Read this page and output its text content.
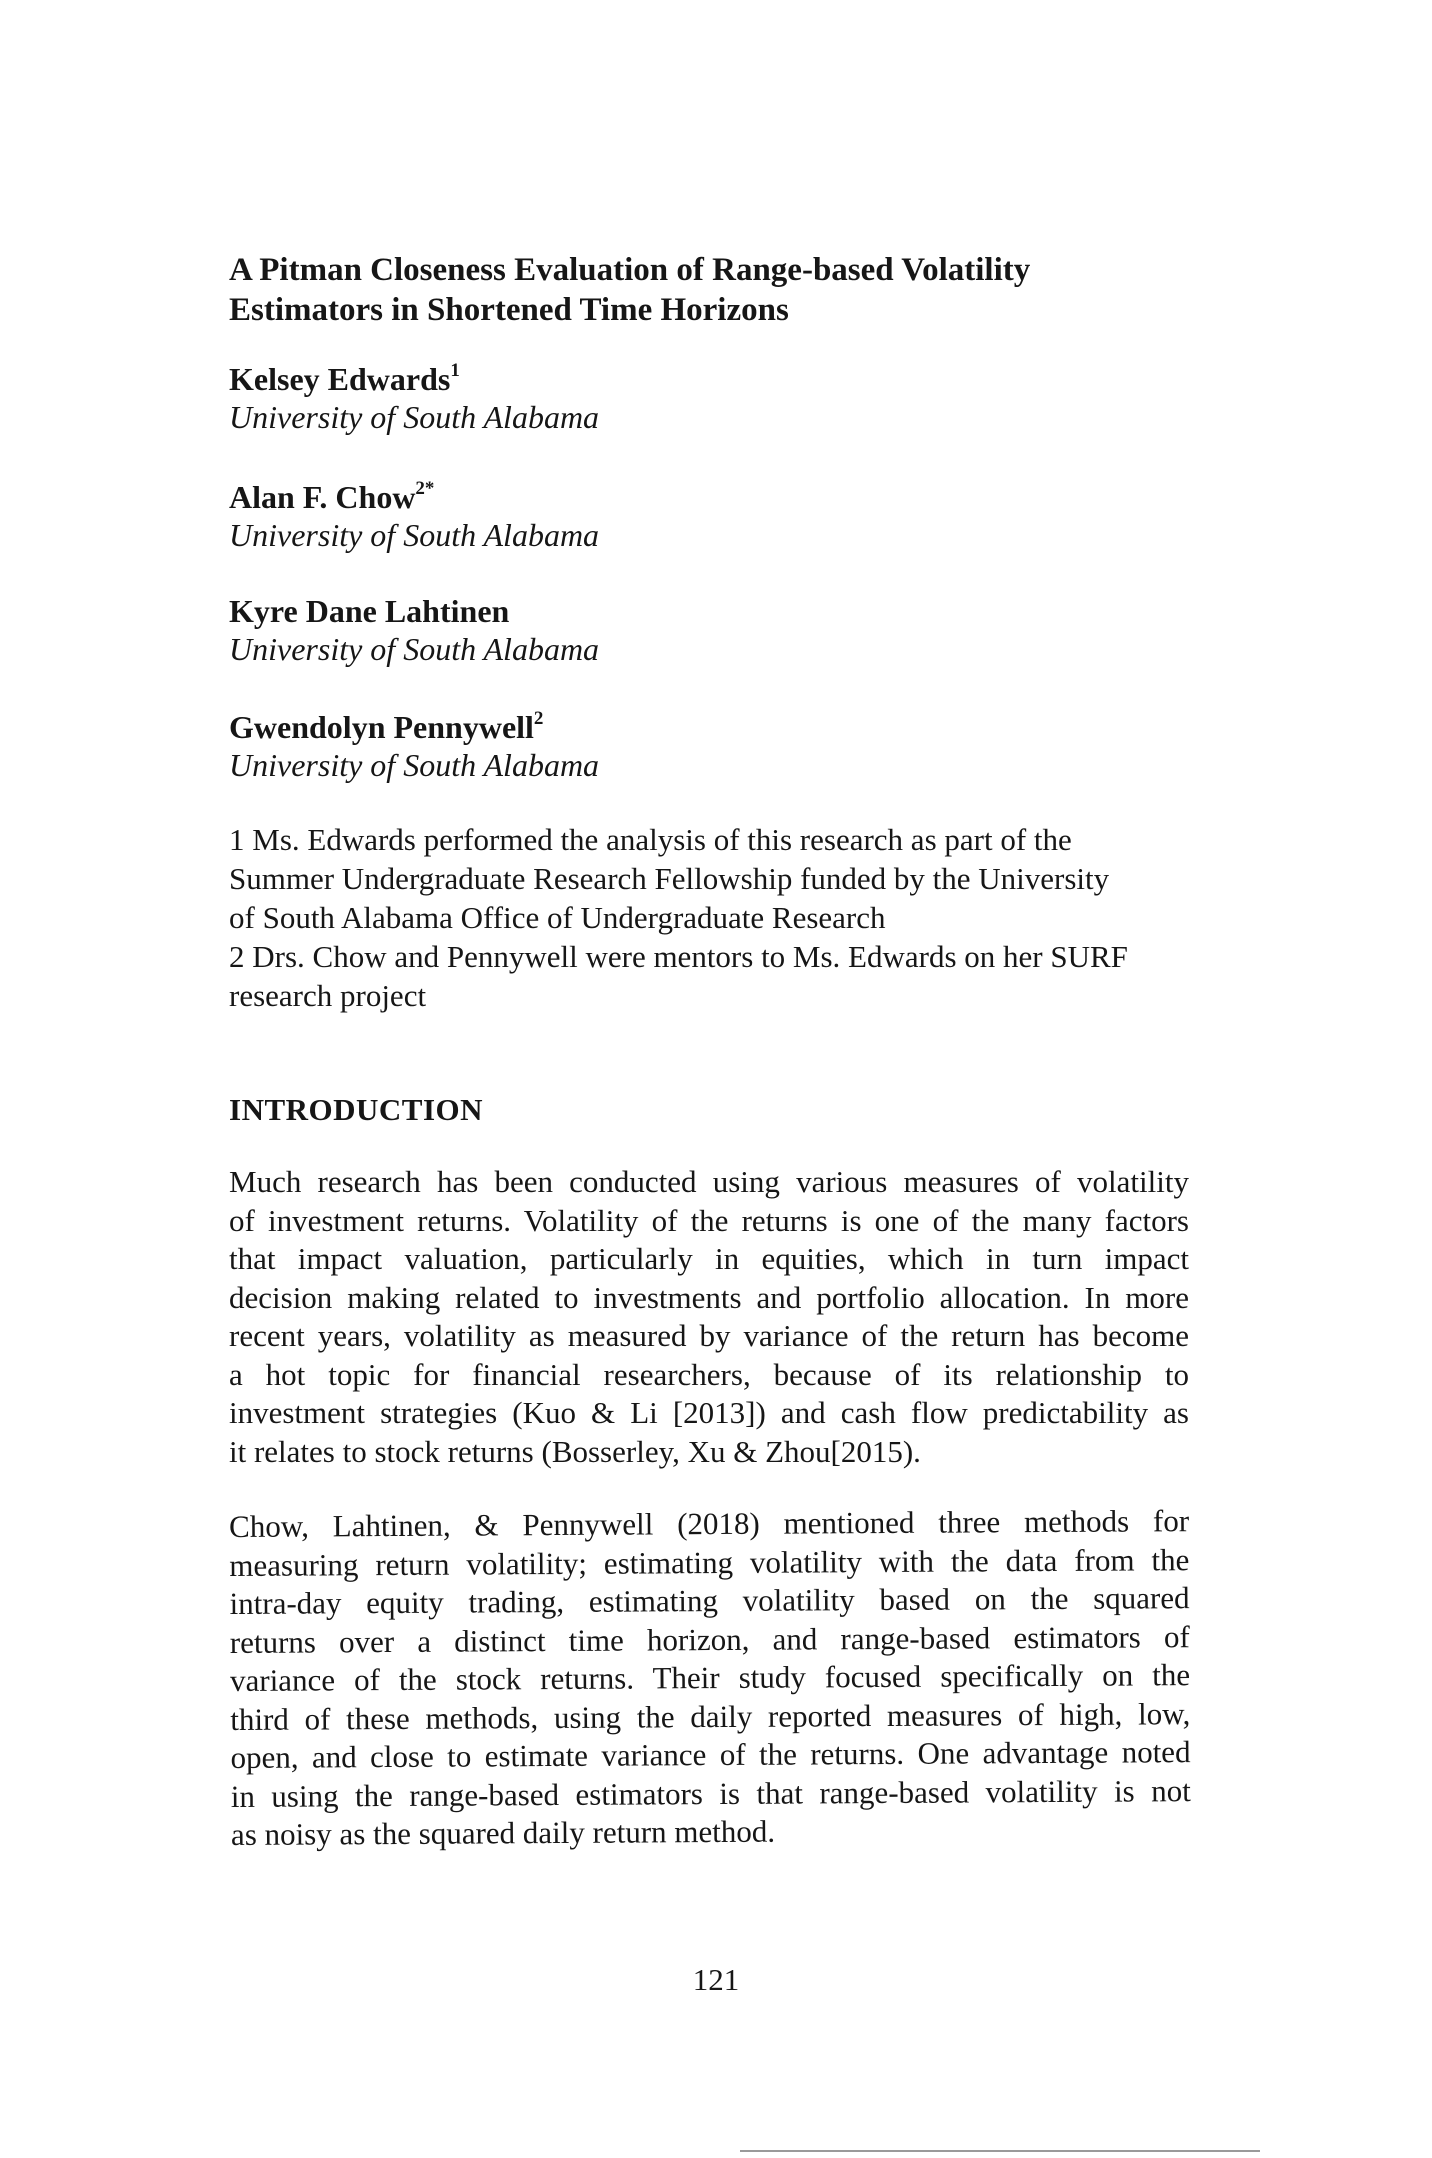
A Pitman Closeness Evaluation of Range-based Volatility
Estimators in Shortened Time Horizons
Kelsey Edwards$^1$
University of South Alabama
Alan F. Chow$^{2*}$
University of South Alabama
Kyre Dane Lahtinen
University of South Alabama
Gwendolyn Pennywell$^2$
University of South Alabama
1 Ms. Edwards performed the analysis of this research as part of the
Summer Undergraduate Research Fellowship funded by the University
of South Alabama Office of Undergraduate Research
2 Drs. Chow and Pennywell were mentors to Ms. Edwards on her SURF
research project
INTRODUCTION
Much research has been conducted using various measures of volatility
of investment returns. Volatility of the returns is one of the many factors
that impact valuation, particularly in equities, which in turn impact
decision making related to investments and portfolio allocation. In more
recent years, volatility as measured by variance of the return has become
a hot topic for financial researchers, because of its relationship to
investment strategies (Kuo & Li [2013]) and cash flow predictability as
it relates to stock returns (Bosserley, Xu & Zhou[2015).
Chow, Lahtinen, & Pennywell (2018) mentioned three methods for
measuring return volatility; estimating volatility with the data from the
intra-day equity trading, estimating volatility based on the squared
returns over a distinct time horizon, and range-based estimators of
variance of the stock returns. Their study focused specifically on the
third of these methods, using the daily reported measures of high, low,
open, and close to estimate variance of the returns. One advantage noted
in using the range-based estimators is that range-based volatility is not
as noisy as the squared daily return method.
121
